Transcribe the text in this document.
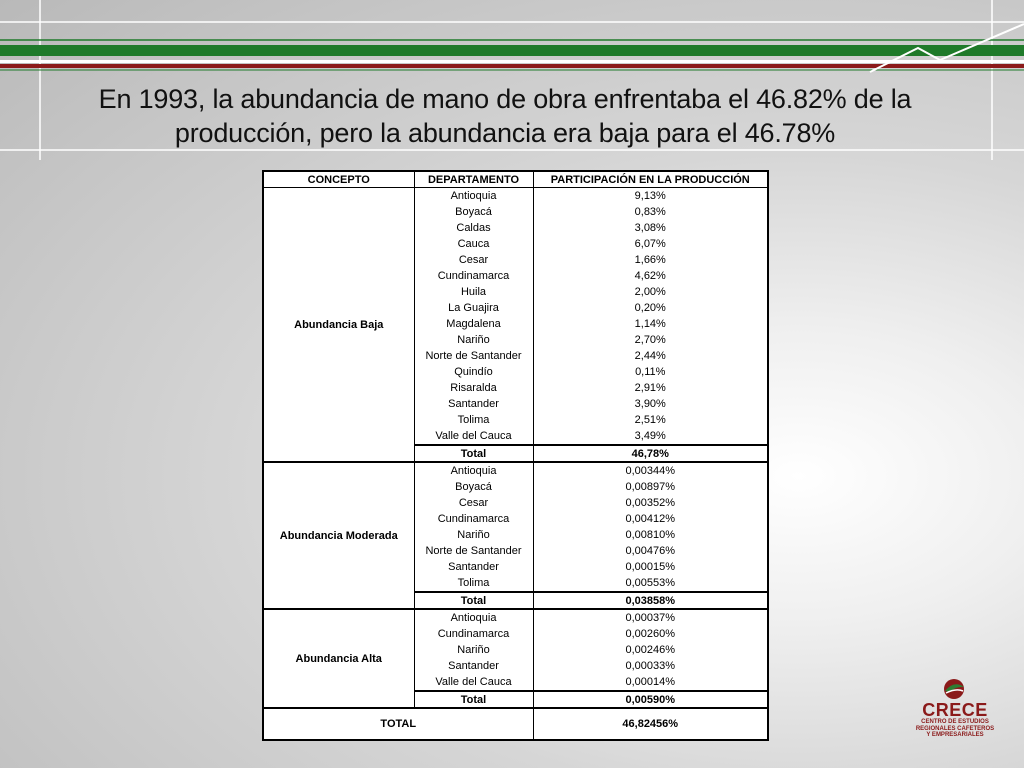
En 1993, la abundancia de mano de obra enfrentaba el 46.82% de la
producción, pero la abundancia era baja para el 46.78%
CONCEPTO	DEPARTAMENTO	PARTICIPACIÓN EN LA PRODUCCIÓN
Abundancia Baja	Antioquia	9,13%
	Boyacá	0,83%
	Caldas	3,08%
	Cauca	6,07%
	Cesar	1,66%
	Cundinamarca	4,62%
	Huila	2,00%
	La Guajira	0,20%
	Magdalena	1,14%
	Nariño	2,70%
	Norte de Santander	2,44%
	Quindío	0,11%
	Risaralda	2,91%
	Santander	3,90%
	Tolima	2,51%
	Valle del Cauca	3,49%
	Total	46,78%
Abundancia Moderada	Antioquia	0,00344%
	Boyacá	0,00897%
	Cesar	0,00352%
	Cundinamarca	0,00412%
	Nariño	0,00810%
	Norte de Santander	0,00476%
	Santander	0,00015%
	Tolima	0,00553%
	Total	0,03858%
Abundancia Alta	Antioquia	0,00037%
	Cundinamarca	0,00260%
	Nariño	0,00246%
	Santander	0,00033%
	Valle del Cauca	0,00014%
	Total	0,00590%
TOTAL		46,82456%
CRECE
CENTRO DE ESTUDIOS
REGIONALES CAFETEROS
Y EMPRESARIALES
